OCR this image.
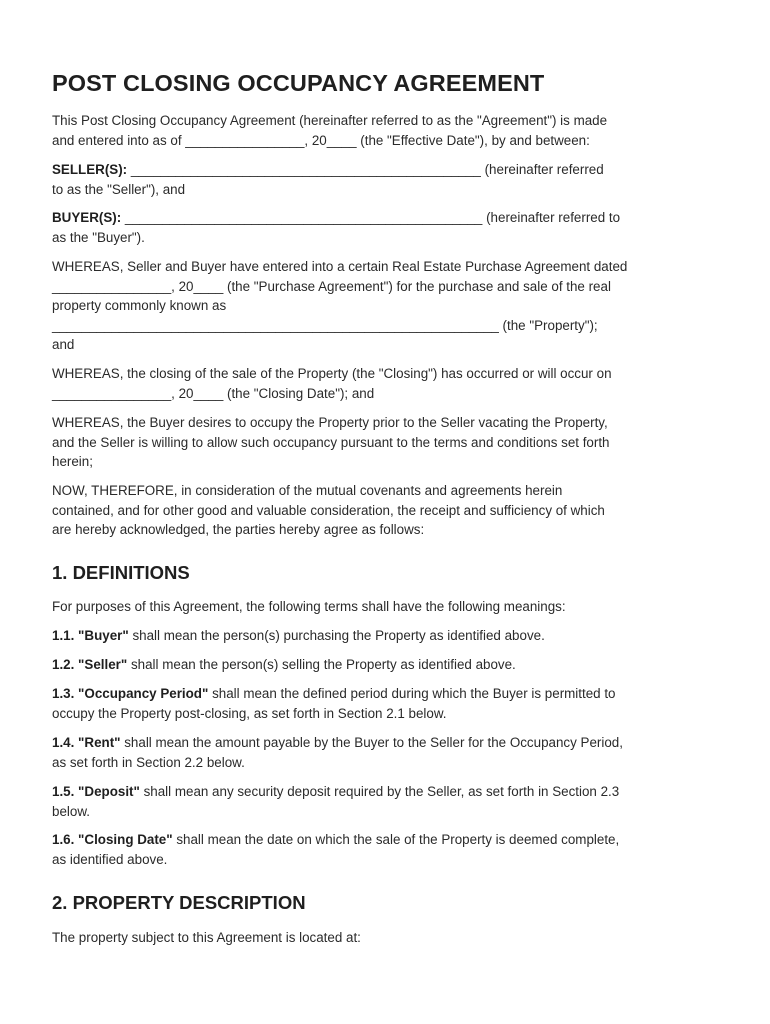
POST CLOSING OCCUPANCY AGREEMENT

This Post Closing Occupancy Agreement (hereinafter referred to as the "Agreement") is made
and entered into as of ________________, 20____ (the "Effective Date"), by and between:

SELLER(S): _______________________________________________ (hereinafter referred
to as the "Seller"), and

BUYER(S): ________________________________________________ (hereinafter referred to
as the "Buyer").

WHEREAS, Seller and Buyer have entered into a certain Real Estate Purchase Agreement dated
________________, 20____ (the "Purchase Agreement") for the purchase and sale of the real
property commonly known as
____________________________________________________________ (the "Property");
and

WHEREAS, the closing of the sale of the Property (the "Closing") has occurred or will occur on
________________, 20____ (the "Closing Date"); and

WHEREAS, the Buyer desires to occupy the Property prior to the Seller vacating the Property,
and the Seller is willing to allow such occupancy pursuant to the terms and conditions set forth
herein;

NOW, THEREFORE, in consideration of the mutual covenants and agreements herein
contained, and for other good and valuable consideration, the receipt and sufficiency of which
are hereby acknowledged, the parties hereby agree as follows:

1. DEFINITIONS

For purposes of this Agreement, the following terms shall have the following meanings:

1.1. "Buyer" shall mean the person(s) purchasing the Property as identified above.

1.2. "Seller" shall mean the person(s) selling the Property as identified above.

1.3. "Occupancy Period" shall mean the defined period during which the Buyer is permitted to
occupy the Property post-closing, as set forth in Section 2.1 below.

1.4. "Rent" shall mean the amount payable by the Buyer to the Seller for the Occupancy Period,
as set forth in Section 2.2 below.

1.5. "Deposit" shall mean any security deposit required by the Seller, as set forth in Section 2.3
below.

1.6. "Closing Date" shall mean the date on which the sale of the Property is deemed complete,
as identified above.

2. PROPERTY DESCRIPTION

The property subject to this Agreement is located at:
